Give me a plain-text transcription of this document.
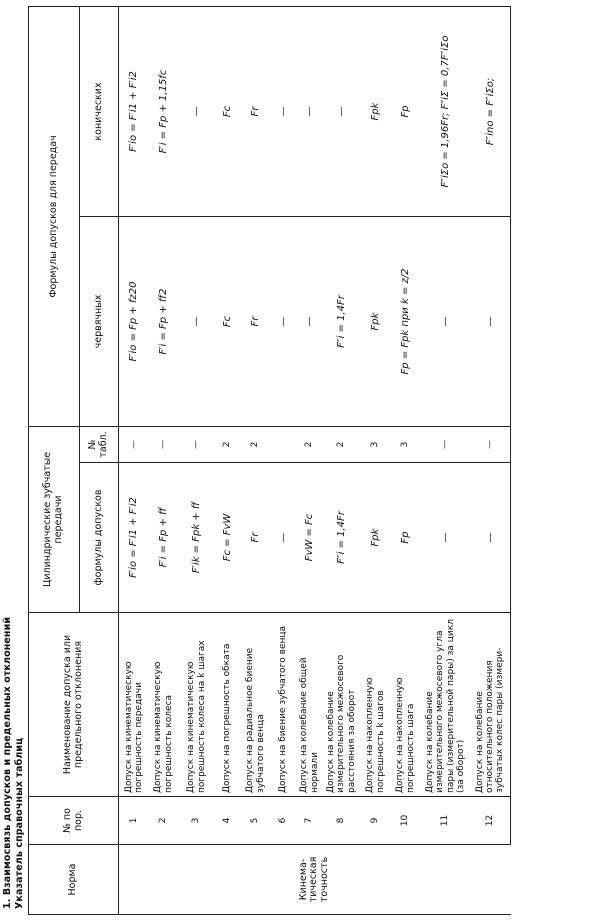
1. Взаимосвязь допусков и предельных отклонений Указатель справочных таблиц	Норма	№ по пор.	Наименование допуска или предельного отклонения	Цилиндрические зубчатые передачи		Формулы допусков для передач	
			формулы допусков	№ табл.	червячных	конических
Кинема-тическая точность	1	Допуск на кинематическую погрешность передачи	F′io = F′i1 + F′i2	—	F′io = Fp + fz20	F′io = F′i1 + F′i2
	2	Допуск на кинематическую погрешность колеса	F′i = Fp + ff	—	F′i = Fp + ff2	F′i = Fp + 1,15fc
	3	Допуск на кинематическую погрешность колеса на k шагах	F′ik = Fpk + ff	—	—	—
	4	Допуск на погрешность обката	Fc = FvW	2	Fc	Fc
	5	Допуск на радиальное биение зубчатого венца	Fr	2	Fr	Fr
	6	Допуск на биение зубчатого венца	—		—	—
	7	Допуск на колебание общей нормали	FvW = Fc	2	—	—
	8	Допуск на колебание измерительного межосевого расстояния за оборот	F″i = 1,4Fr	2	F″i = 1,4Fr	—
	9	Допуск на накопленную погрешность k шагов	Fpk	3	Fpk	Fpk
	10	Допуск на накопленную погрешность шага	Fp	3	Fp = Fpk при k = z/2	Fp
	11	Допуск на колебание измерительного межосевого угла пары (измерительной пары) за цикл (за оборот)	—	—	—	F″iΣo = 1,96Fr; F″iΣ = 0,7F″iΣo
	12	Допуск на колебание относительного положения зубчатых колес пары (измери-	—	—	—	F″ino = F″iΣo;
